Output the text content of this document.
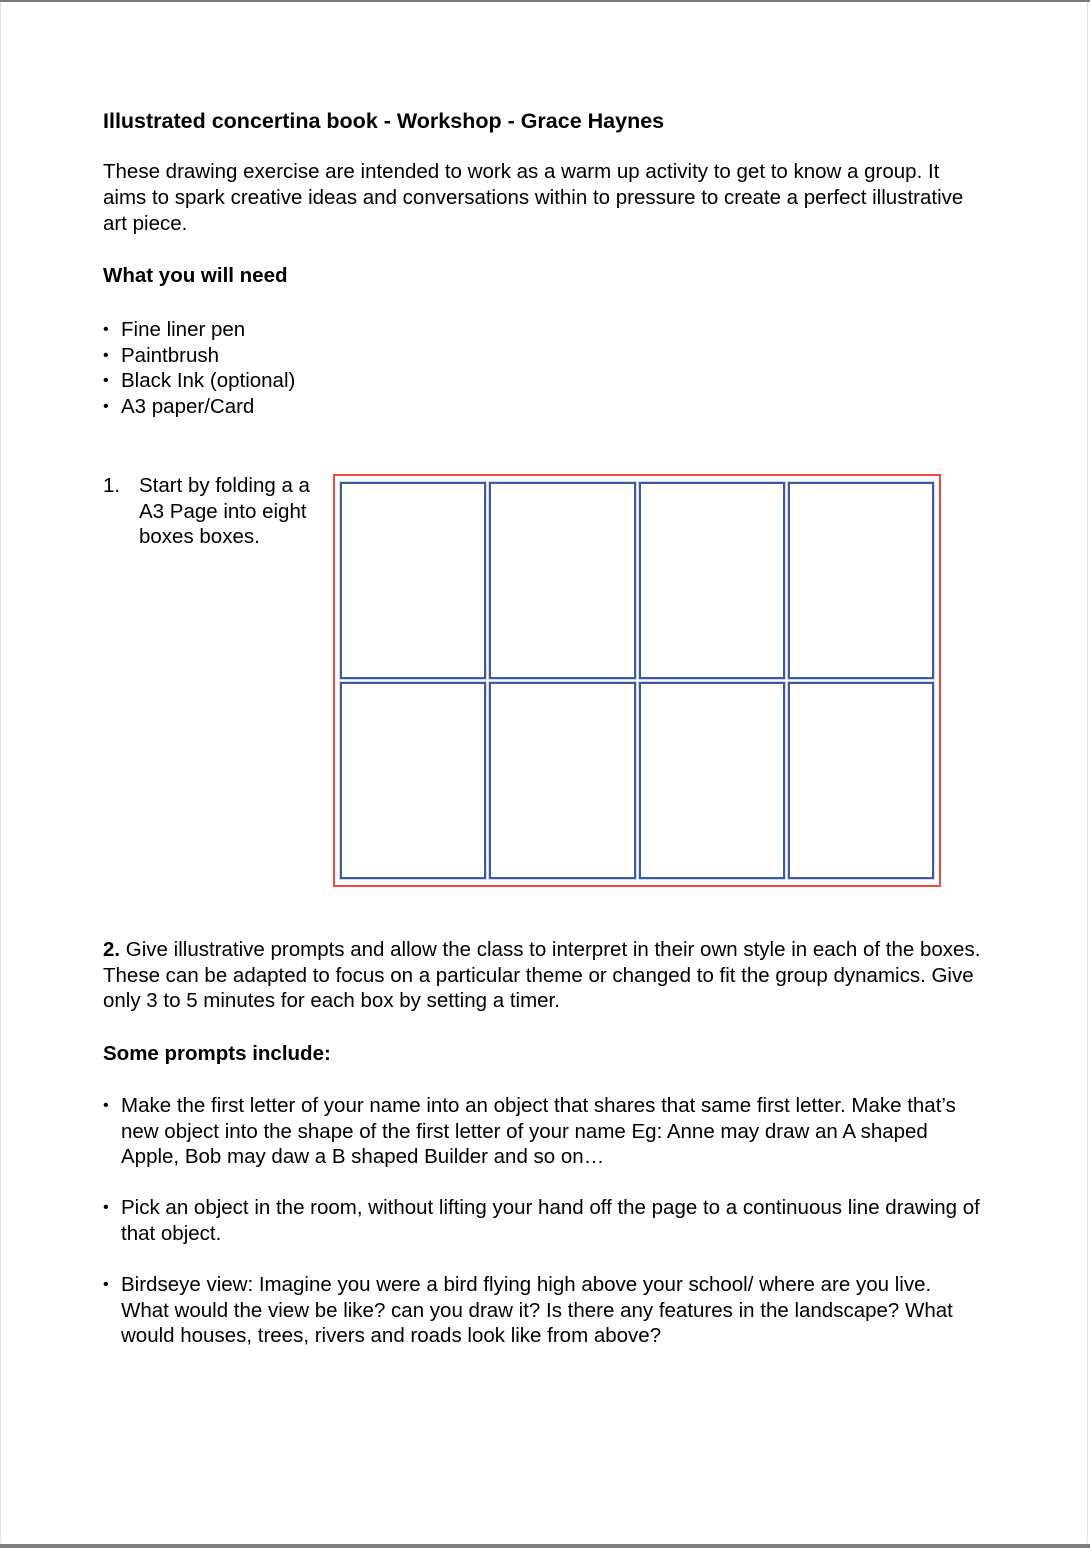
Illustrated concertina book - Workshop - Grace Haynes

These drawing exercise are intended to work as a warm up activity to get to know a group. It aims to spark creative ideas and conversations within to pressure to create a perfect illustrative art piece.

What you will need
• Fine liner pen
• Paintbrush
• Black Ink (optional)
• A3 paper/Card
1. Start by folding a a A3 Page into eight boxes boxes.

2. Give illustrative prompts and allow the class to interpret in their own style in each of the boxes. These can be adapted to focus on a particular theme or changed to fit the group dynamics. Give only 3 to 5 minutes for each box by setting a timer.

Some prompts include:
• Make the first letter of your name into an object that shares that same first letter. Make that’s new object into the shape of the first letter of your name Eg: Anne may draw an A shaped Apple, Bob may daw a B shaped Builder and so on…
• Pick an object in the room, without lifting your hand off the page to a continuous line drawing of that object.
• Birdseye view: Imagine you were a bird flying high above your school/ where are you live. What would the view be like? can you draw it? Is there any features in the landscape? What would houses, trees, rivers and roads look like from above?
